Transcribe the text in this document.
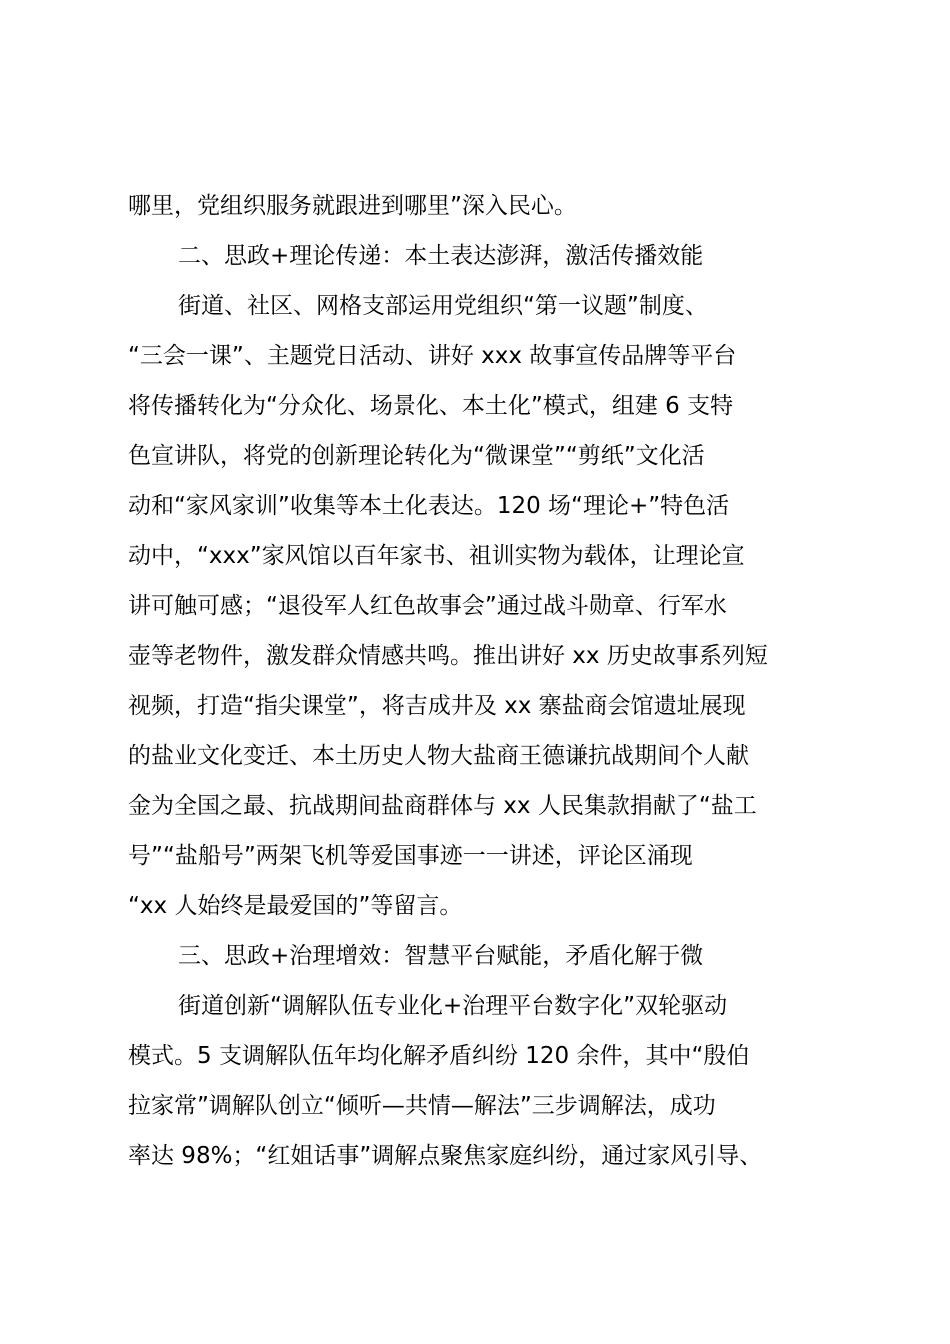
哪里，党组织服务就跟进到哪里”深入民心。
二、思政+理论传递：本土表达澎湃，激活传播效能
街道、社区、网格支部运用党组织“第一议题”制度、
“三会一课”、主题党日活动、讲好 xxx 故事宣传品牌等平台
将传播转化为“分众化、场景化、本土化”模式，组建 6 支特
色宣讲队，将党的创新理论转化为“微课堂”“剪纸”文化活
动和“家风家训”收集等本土化表达。120 场“理论+”特色活
动中，“xxx”家风馆以百年家书、祖训实物为载体，让理论宣
讲可触可感；“退役军人红色故事会”通过战斗勋章、行军水
壶等老物件，激发群众情感共鸣。推出讲好 xx 历史故事系列短
视频，打造“指尖课堂”，将吉成井及 xx 寨盐商会馆遗址展现
的盐业文化变迁、本土历史人物大盐商王德谦抗战期间个人献
金为全国之最、抗战期间盐商群体与 xx 人民集款捐献了“盐工
号”“盐船号”两架飞机等爱国事迹一一讲述，评论区涌现
“xx 人始终是最爱国的”等留言。
三、思政+治理增效：智慧平台赋能，矛盾化解于微
街道创新“调解队伍专业化+治理平台数字化”双轮驱动
模式。5 支调解队伍年均化解矛盾纠纷 120 余件，其中“殷伯
拉家常”调解队创立“倾听—共情—解法”三步调解法，成功
率达 98%；“红姐话事”调解点聚焦家庭纠纷，通过家风引导、
